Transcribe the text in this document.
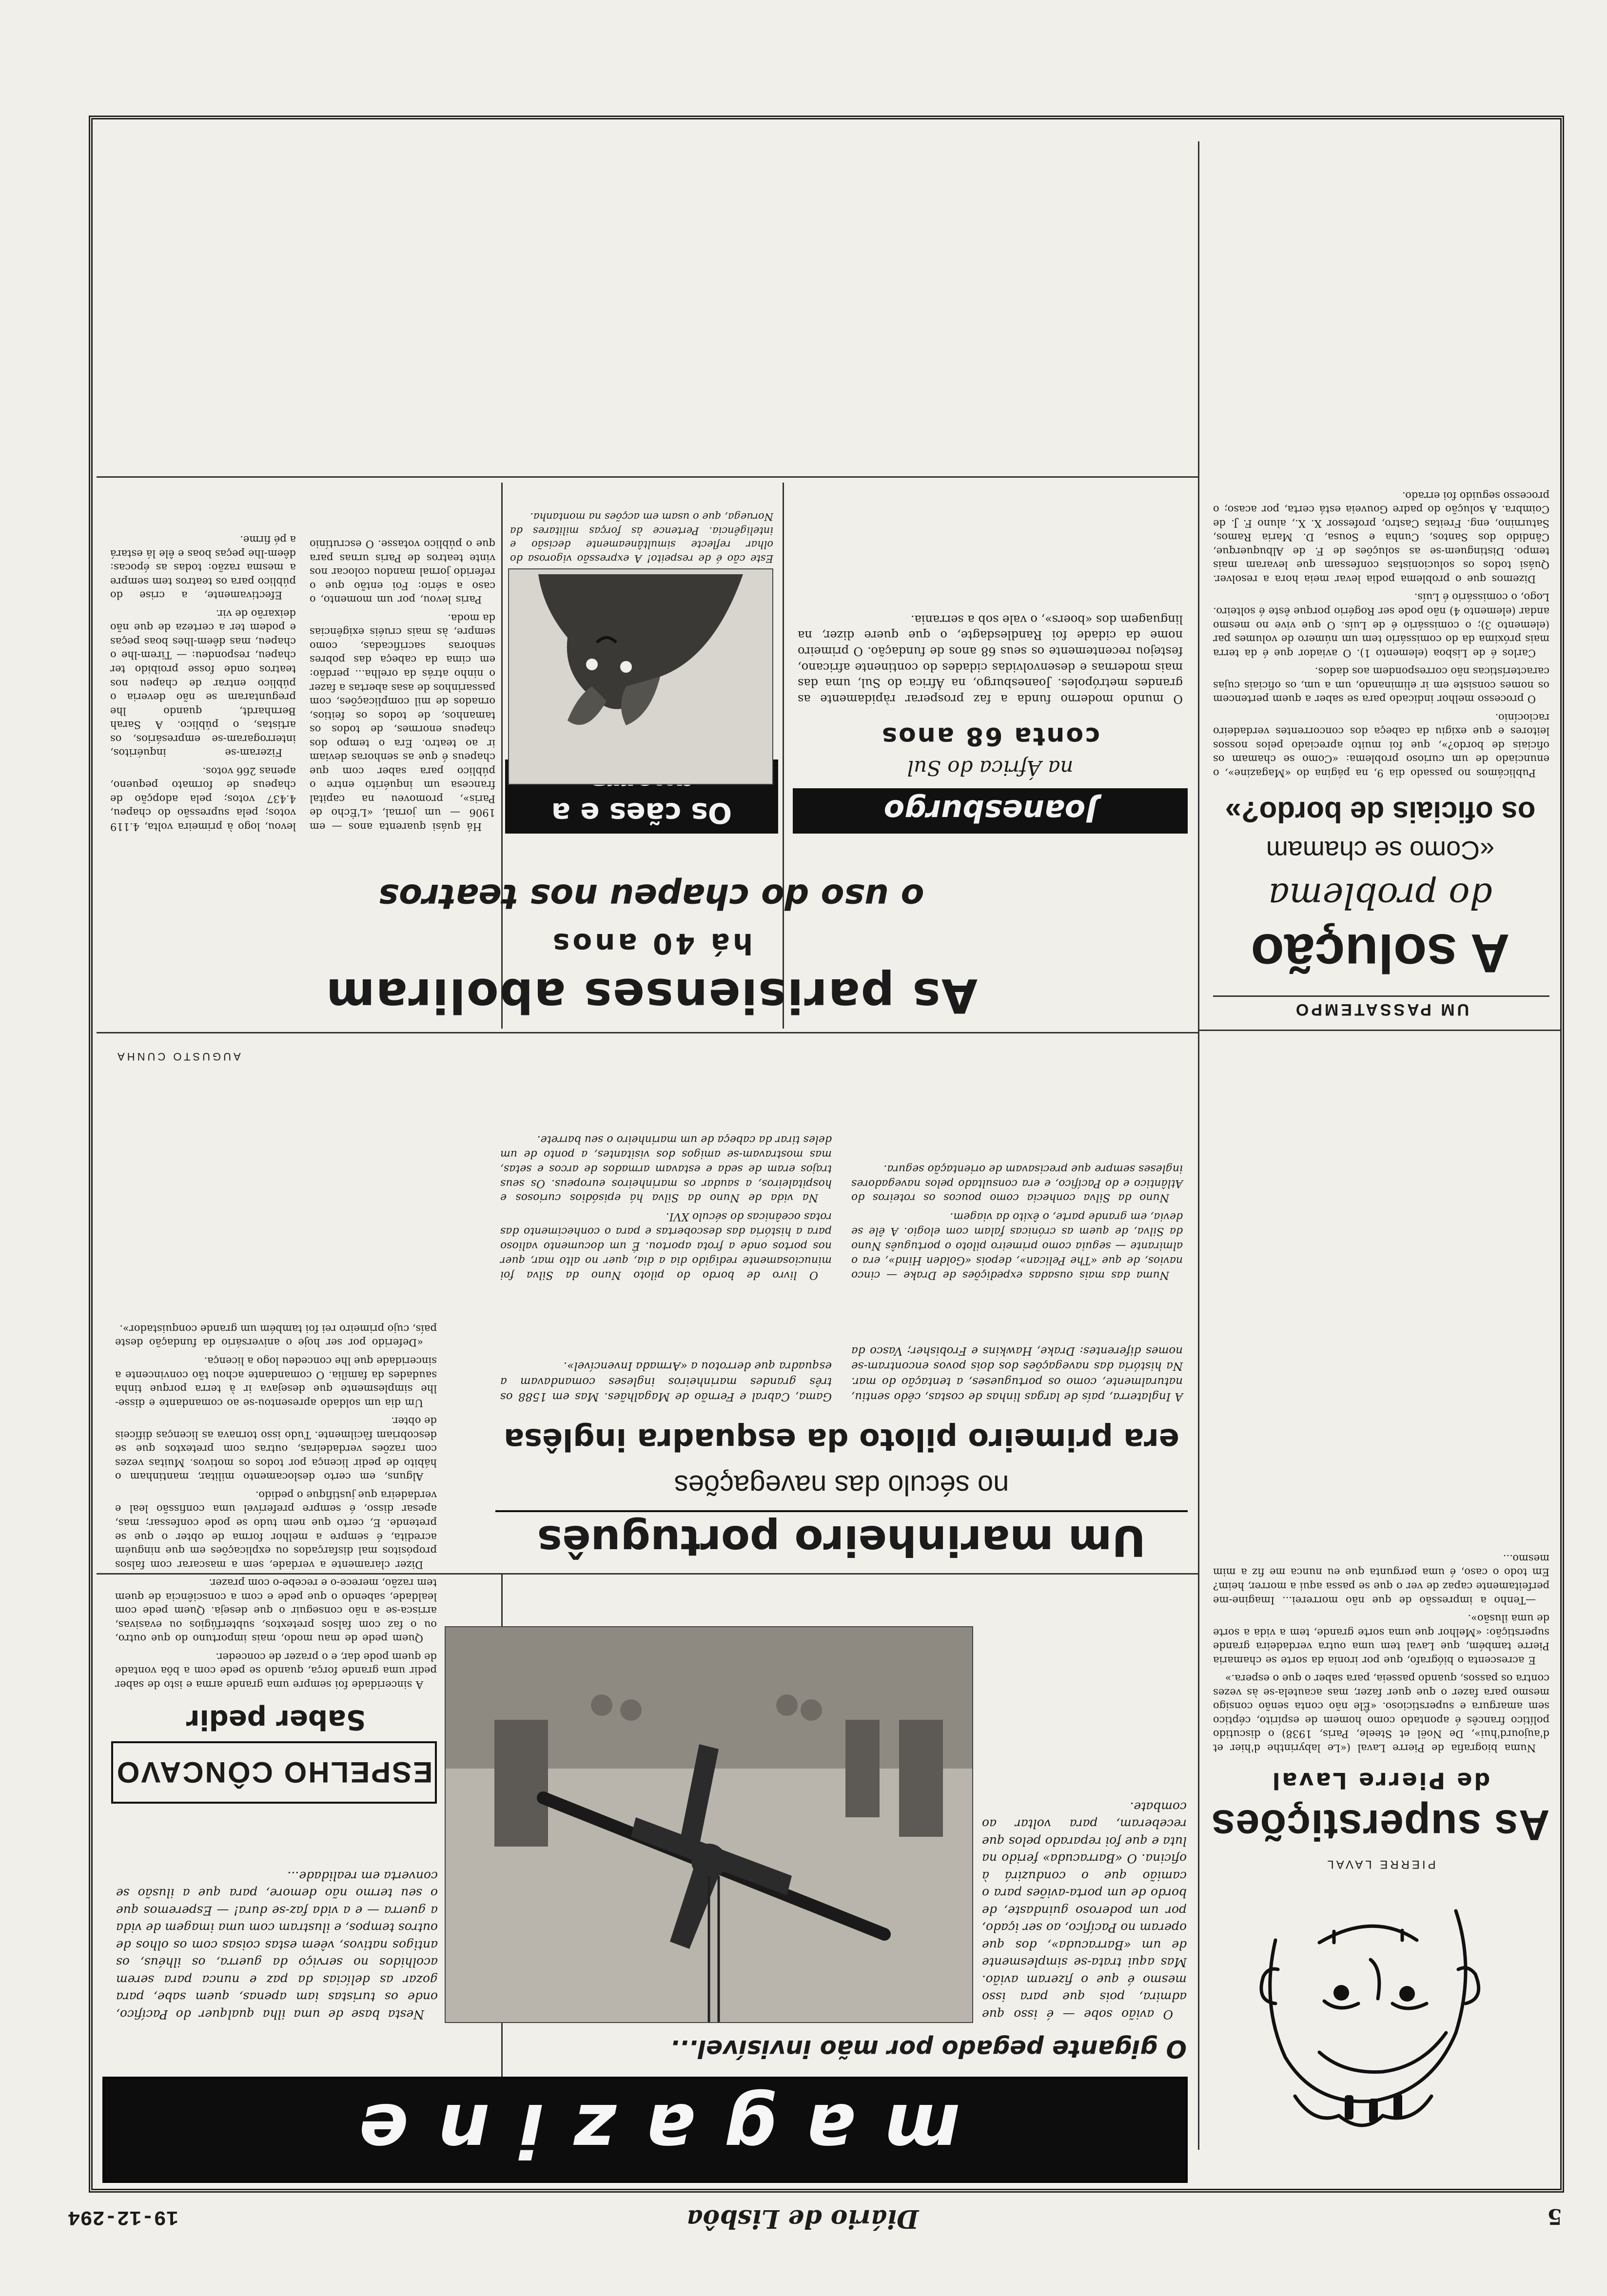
5
Diário de Lisbôa
19-12-294
PIERRE LAVAL
As superstições
de Pierre Laval

Numa biografia de Pierre Laval («Le labyrinthe d'hier et d'aujourd'hui», De Noël et Steele, Paris, 1938) o discutido político francês é apontado como homem de espírito, céptico sem amargura e supersticioso. «Êle não conta senão consigo mesmo para fazer o que quer fazer, mas acautela-se às vezes contra os passos, quando passeia, para saber o que o espera.»

E acrescenta o biógrafo, que por ironia da sorte se chamaria Pierre também, que Laval tem uma outra verdadeira grande superstição: «Melhor que uma sorte grande, tem a vida a sorte de uma ilusão».

—Tenho a impressão de que não morrerei... Imagine-me perfeitamente capaz de ver o que se passa aqui a morrer, heim? Em todo o caso, é uma pergunta que eu nunca me fiz a mim mesmo...

UM PASSATEMPO
A solução
do problema
«Como se chamam
os oficiais de bordo?»

Publicámos no passado dia 9, na página do «Magazine», o enunciado de um curioso problema: «Como se chamam os oficiais de bordo?», que foi muito apreciado pelos nossos leitores e que exigiu da cabeça dos concorrentes verdadeiro raciocínio.

O processo melhor indicado para se saber a quem pertencem os nomes consiste em ir eliminando, um a um, os oficiais cujas características não correspondem aos dados.

Carlos é de Lisboa (elemento 1). O aviador que é da terra mais próxima da do comissário tem um número de volumes par (elemento 3); o comissário é de Luís. O que vive no mesmo andar (elemento 4) não pode ser Rogério porque êste é solteiro. Logo, o comissário é Luís.

Dizemos que o problema podia levar meia hora a resolver. Quási todos os solucionistas confessam que levaram mais tempo. Distinguem-se as soluções de F. de Albuquerque, Cândido dos Santos, Cunha e Sousa, D. Maria Ramos, Saturnino, eng. Freitas Castro, professor X. X., aluno F. J. de Coimbra. A solução do padre Gouveia está certa, por acaso; o processo seguido foi errado.

magazine
O gigante pegado por mão invisível...

O avião sobe — é isso que admira, pois que para isso mesmo é que o fizeram avião. Mas aqui trata-se simplesmente de um «Barracuda», dos que operam no Pacífico, ao ser içado, por um poderoso guindaste, de bordo de um porta-aviões para o camião que o conduzirá à oficina. O «Barracuda» ferido na luta e que foi reparado pelos que receberam, para voltar ao combate.

Nesta base de uma ilha qualquer do Pacífico, onde os turistas iam apenas, quem sabe, para gozar as delícias da paz e nunca para serem acolhidos no serviço da guerra, os ilhéus, os antigos nativos, vêem estas coisas com os olhos de outros tempos, e ilustram com uma imagem de vida a guerra — e a vida faz-se dura! — Esperemos que o seu termo não demore, para que a ilusão se converta em realidade...

ESPELHO CÔNCAVO
Saber pedir
Um marinheiro português
no século das navegações
era primeiro piloto da esquadra inglêsa
A Inglaterra, país de largas linhas de costas, cêdo sentiu, naturalmente, como os portugueses, a tentação do mar. Na história das navegações dos dois povos encontram-se nomes diferentes: Drake, Hawkins e Frobisher; Vasco da Gama, Cabral e Fernão de Magalhães. Mas em 1588 os três grandes marinheiros ingleses comandavam a esquadra que derrotou a «Armada Invencível».

Numa das mais ousadas expedições de Drake — cinco navios, de que «The Pelican», depois «Golden Hind», era o almirante — seguia como primeiro piloto o português Nuno da Silva, de quem as crónicas falam com elogio. A êle se devia, em grande parte, o êxito da viagem.

Nuno da Silva conhecia como poucos os roteiros do Atlântico e do Pacífico, e era consultado pelos navegadores ingleses sempre que precisavam de orientação segura.

O livro de bordo do piloto Nuno da Silva foi minuciosamente redigido dia a dia, quer no alto mar, quer nos portos onde a frota aportou. É um documento valioso para a história das descobertas e para o conhecimento das rotas oceânicas do século XVI.

Na vida de Nuno da Silva há episódios curiosos e hospitaleiros, a saudar os marinheiros europeus. Os seus trajos eram de seda e estavam armados de arcos e setas, mas mostravam-se amigos dos visitantes, a ponto de um deles tirar da cabeça de um marinheiro o seu barrete.

A sinceridade foi sempre uma grande arma e isto de saber pedir uma grande força, quando se pede com a bôa vontade de quem pode dar, e o prazer de conceder.

Quem pede de mau modo, mais importuno do que outro, ou o faz com falsos pretextos, subterfúgios ou evasivas, arrisca-se a não conseguir o que deseja. Quem pede com lealdade, sabendo o que pede e com a consciência de quem tem razão, merece-o e recebe-o com prazer.

Dizer claramente a verdade, sem a mascarar com falsos propósitos mal disfarçados ou explicações em que ninguém acredita, é sempre a melhor forma de obter o que se pretende. E, certo que nem tudo se pode confessar; mas, apesar disso, é sempre preferível uma confissão leal e verdadeira que justifique o pedido.

Alguns, em certo deslocamento militar, mantinham o hábito de pedir licença por todos os motivos. Muitas vezes com razões verdadeiras, outras com pretextos que se descobriam fàcilmente. Tudo isso tornava as licenças difíceis de obter.

Um dia um soldado apresentou-se ao comandante e disse-lhe simplesmente que desejava ir à terra porque tinha saudades da família. O comandante achou tão convincente a sinceridade que lhe concedeu logo a licença.

«Deferido por ser hoje o aniversário da fundação deste país, cujo primeiro rei foi também um grande conquistador».

AUGUSTO CUNHA
As parisienses aboliram
há 40 anos
o uso do chapeu nos teatros
Joanesburgo
na África do Sul
conta 68 anos
O mundo moderno funda a faz prosperar ràpidamente as grandes metrópoles. Joanesburgo, na África do Sul, uma das mais modernas e desenvolvidas cidades do continente africano, festejou recentemente os seus 68 anos de fundação. O primeiro nome da cidade foi Randlesdagte, o que quere dizer, na linguagem dos «boers», o vale sob a serrania.
Os cães e a
Este cão é de respeito! A expressão vigorosa do olhar reflecte simultâneamente decisão e inteligência. Pertence às forças militares da Noruega, que o usam em acções na montanha.

Há quási quarenta anos — em 1906 — um jornal, «L'Écho de Paris», promoveu na capital francesa um inquérito entre o público para saber com que chapeus é que as senhoras deviam ir ao teatro. Era o tempo dos chapeus enormes, de todos os tamanhos, de todos os feitios, ornados de mil complicações, com passarinhos de asas abertas a fazer o ninho atrás da orelha... perdão: em cima da cabeça das pobres senhoras sacrificadas, como sempre, às mais cruéis exigências da moda.

Paris levou, por um momento, o caso a sério: Foi então que o referido jornal mandou colocar nos vinte teatros de Paris urnas para que o público votasse. O escrutínio levou, logo à primeira volta, 4.119 votos; pela supressão do chapeu, 4.437 votos; pela adopção de chapeus de formato pequeno, apenas 266 votos.

Fizeram-se inquéritos, interrogaram-se empresários, os artistas, o público. A Sarah Bernhardt, quando lhe preguntaram se não deveria o público entrar de chapeu nos teatros onde fosse proibido ter chapeu, respondeu: — Tirem-lhe o chapeu, mas dêem-lhes boas peças e podem ter a certeza de que não deixarão de vir.

Efectivamente, a crise do público para os teatros tem sempre a mesma razão: todas as épocas: dêem-lhe peças boas e êle lá estará a pé firme.
